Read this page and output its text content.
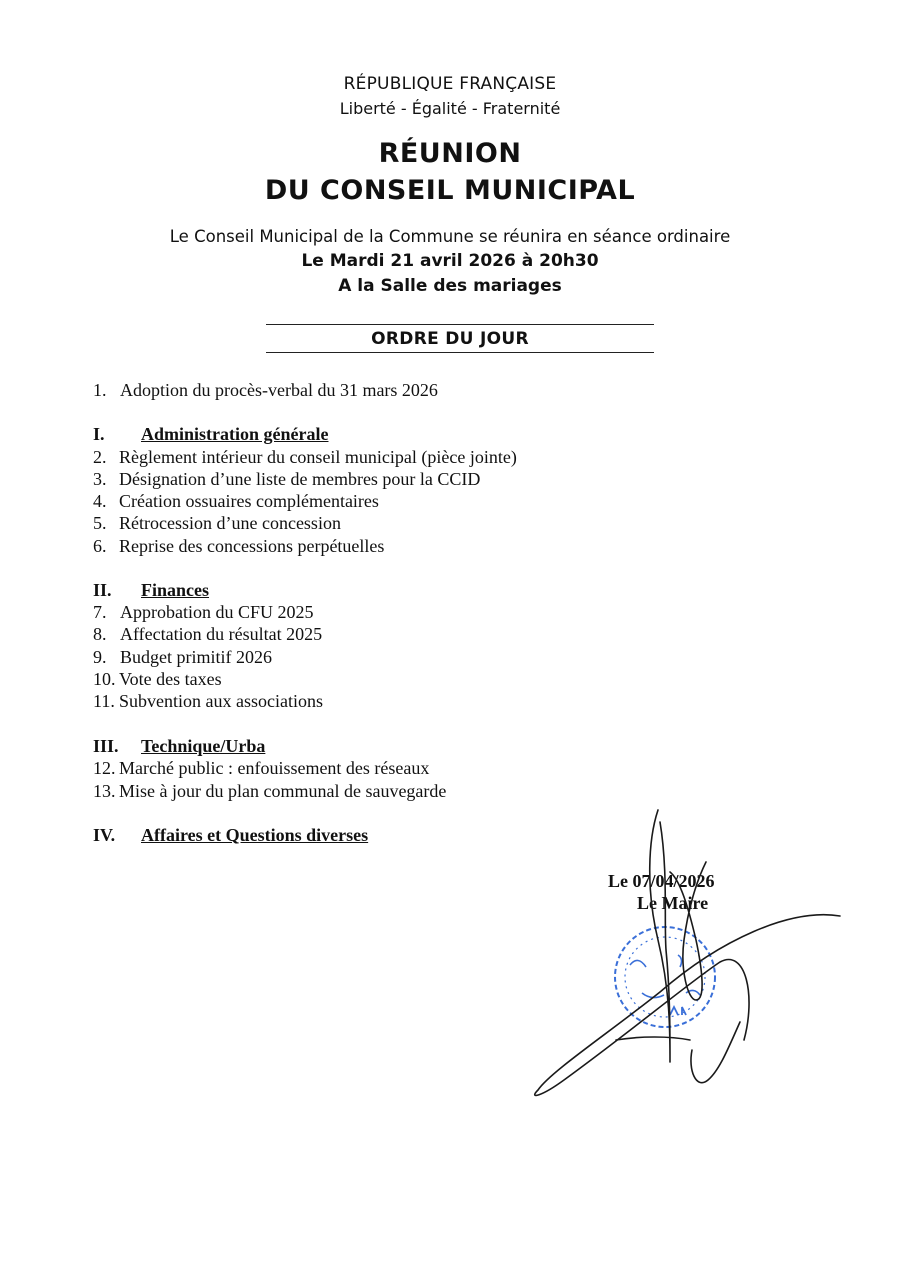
RÉPUBLIQUE FRANÇAISE
Liberté - Égalité - Fraternité
RÉUNION
DU CONSEIL MUNICIPAL
Le Conseil Municipal de la Commune se réunira en séance ordinaire
Le Mardi 21 avril 2026 à 20h30
A la Salle des mariages
ORDRE DU JOUR
1. Adoption du procès-verbal du 31 mars 2026
I. Administration générale
2. Règlement intérieur du conseil municipal (pièce jointe)
3. Désignation d’une liste de membres pour la CCID
4. Création ossuaires complémentaires
5. Rétrocession d’une concession
6. Reprise des concessions perpétuelles
II. Finances
7. Approbation du CFU 2025
8. Affectation du résultat 2025
9. Budget primitif 2026
10. Vote des taxes
11. Subvention aux associations
III. Technique/Urba
12. Marché public : enfouissement des réseaux
13. Mise à jour du plan communal de sauvegarde
IV. Affaires et Questions diverses
Le 07/04/2026
Le Maire
